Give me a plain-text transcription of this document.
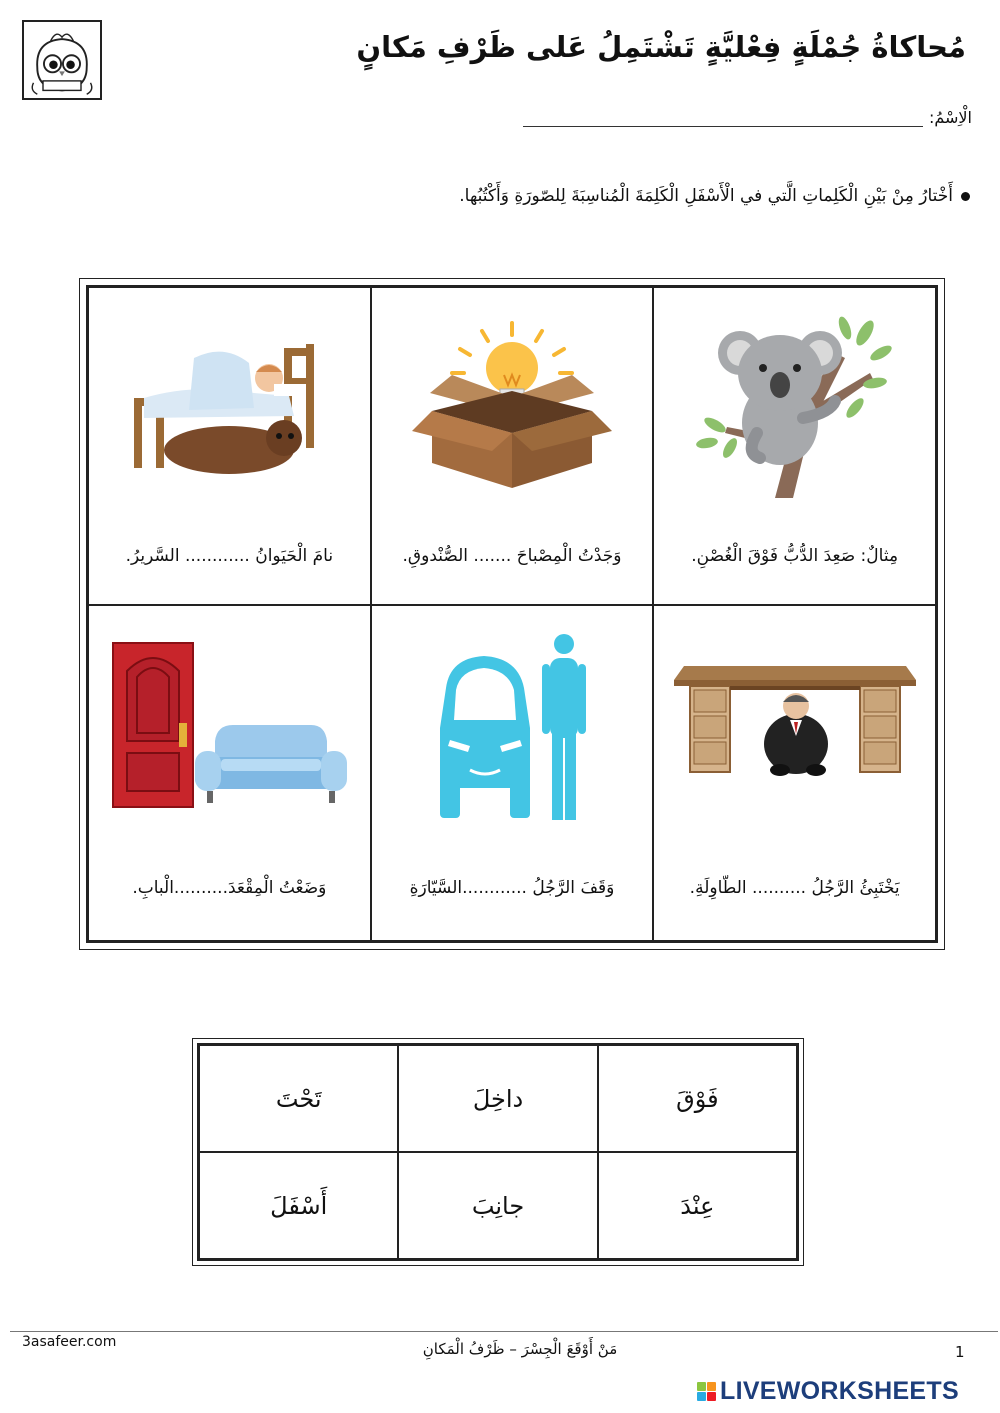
مُحاكاةُ جُمْلَةٍ فِعْليَّةٍ تَشْتَمِلُ عَلى ظَرْفِ مَكانٍ
الْاِسْمُ:
أَخْتارُ مِنْ بَيْنِ الْكَلِماتِ الَّتي في الْأَسْفَلِ الْكَلِمَةَ الْمُناسِبَةَ لِلصّورَةِ وَأَكْتُبُها.
مِثالٌ: صَعِدَ الدُّبُّ فَوْقَ الْغُصْنِ.
وَجَدْتُ الْمِصْباحَ ....... الصُّنْدوقِ.
نامَ الْحَيَوانُ ............ السَّريرُ.
يَخْتَبِئُ الرَّجُلُ .......... الطّاوِلَةِ.
وَقَفَ الرَّجُلُ ............السَّيّارَةِ
وَضَعْتُ الْمِقْعَدَ..........الْبابِ.
فَوْقَ
داخِلَ
تَحْتَ
عِنْدَ
جانِبَ
أَسْفَلَ
3asafeer.com	مَنْ أَوْقَعَ الْجِسْرَ – ظَرْفُ الْمَكانِ	1
LIVEWORKSHEETS
